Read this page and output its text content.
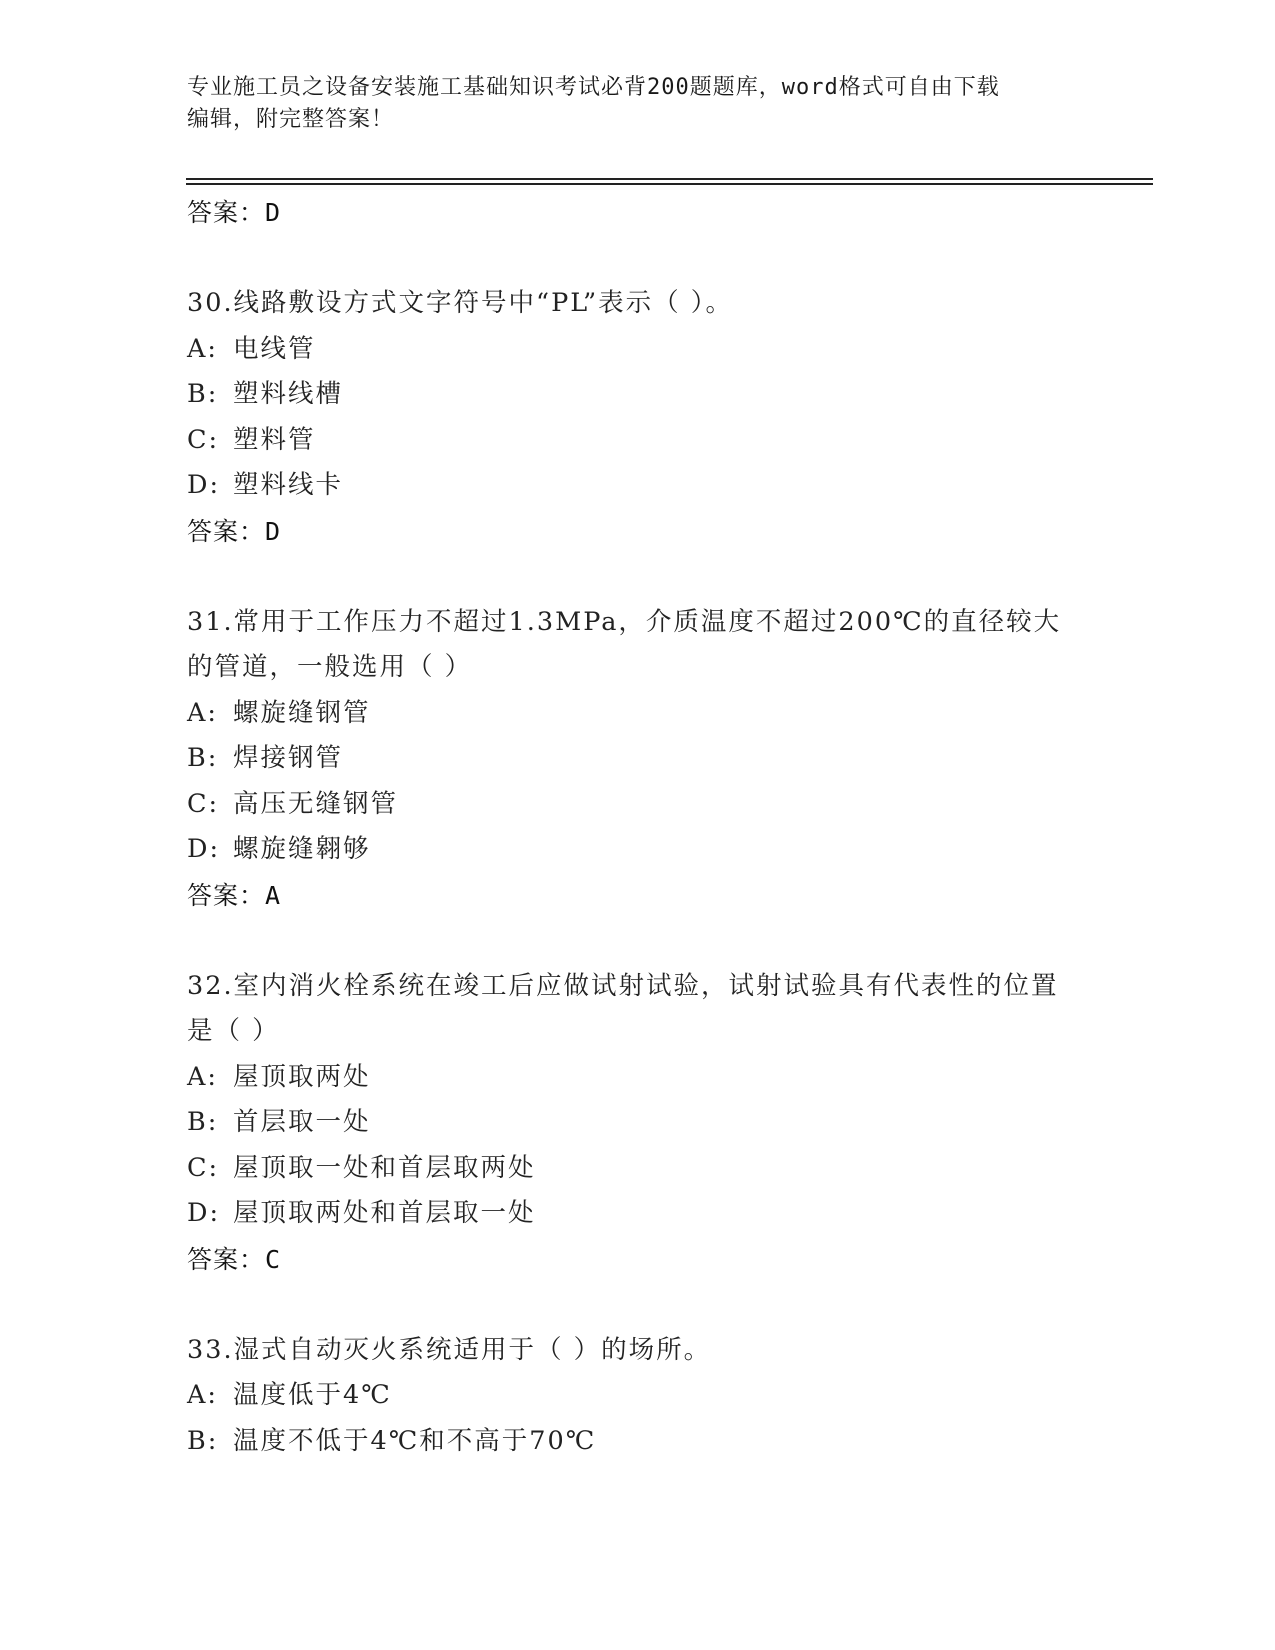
专业施工员之设备安装施工基础知识考试必背200题题库，word格式可自由下载
编辑，附完整答案！
答案：D
30.线路敷设方式文字符号中“PL”表示（ ）。
A: 电线管
B: 塑料线槽
C: 塑料管
D: 塑料线卡
答案：D
31.常用于工作压力不超过1.3MPa，介质温度不超过200℃的直径较大的管道，一般选用（ ）
A: 螺旋缝钢管
B: 焊接钢管
C: 高压无缝钢管
D: 螺旋缝翱够
答案：A
32.室内消火栓系统在竣工后应做试射试验，试射试验具有代表性的位置是（ ）
A: 屋顶取两处
B: 首层取一处
C: 屋顶取一处和首层取两处
D: 屋顶取两处和首层取一处
答案：C
33.湿式自动灭火系统适用于（ ）的场所。
A: 温度低于4℃
B: 温度不低于4℃和不高于70℃
